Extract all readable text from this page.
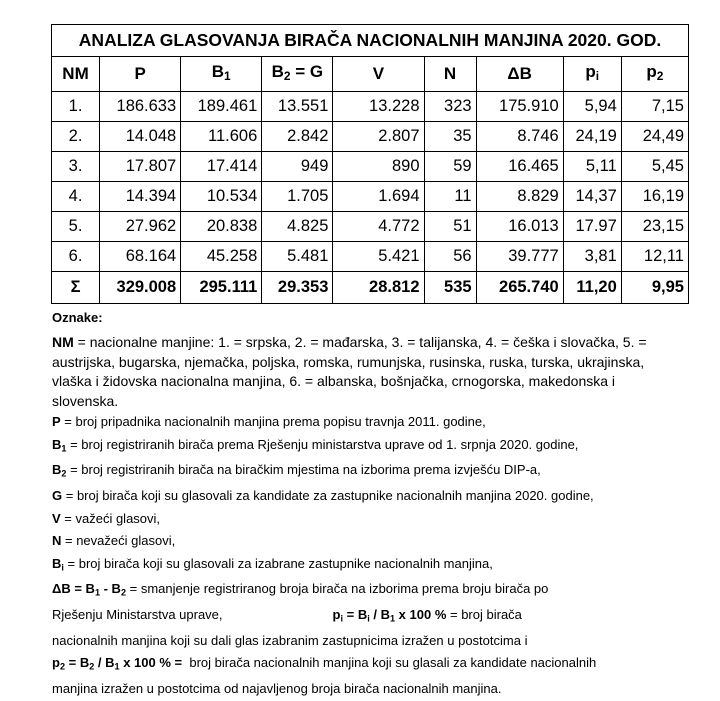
ANALIZA GLASOVANJA BIRAČA NACIONALNIH MANJINA 2020. GOD.								
NM	P	$B_1$	$B_2 = G$	V	N	ΔB	$p_i$	$p_2$
1.	186.633	189.461	13.551	13.228	323	175.910	5,94	7,15
2.	14.048	11.606	2.842	2.807	35	8.746	24,19	24,49
3.	17.807	17.414	949	890	59	16.465	5,11	5,45
4.	14.394	10.534	1.705	1.694	11	8.829	14,37	16,19
5.	27.962	20.838	4.825	4.772	51	16.013	17.97	23,15
6.	68.164	45.258	5.481	5.421	56	39.777	3,81	12,11
Σ	329.008	295.111	29.353	28.812	535	265.740	11,20	9,95

Oznake:

NM = nacionalne manjine: 1. = srpska, 2. = mađarska, 3. = talijanska, 4. = češka i slovačka, 5. = austrijska, bugarska, njemačka, poljska, romska, rumunjska, rusinska, ruska, turska, ukrajinska, vlaška i židovska nacionalna manjina, 6. = albanska, bošnjačka, crnogorska, makedonska i slovenska.

P = broj pripadnika nacionalnih manjina prema popisu travnja 2011. godine,

$B_1$ = broj registriranih birača prema Rješenju ministarstva uprave od 1. srpnja 2020. godine,

$B_2$ = broj registriranih birača na biračkim mjestima na izborima prema izvješću DIP-a,

G = broj birača koji su glasovali za kandidate za zastupnike nacionalnih manjina 2020. godine,

V = važeći glasovi,

N = nevažeći glasovi,

$B_i$ = broj birača koji su glasovali za izabrane zastupnike nacionalnih manjina,

$\Delta B = B_1 - B_2$ = smanjenje registriranog broja birača na izborima prema broju birača po

Rješenju Ministarstva uprave,	$p_i = B_i / B_1$ x 100 % = broj birača

nacionalnih manjina koji su dali glas izabranim zastupnicima izražen u postotcima i

$p_2 = B_2 / B_1$ x 100 % =  broj birača nacionalnih manjina koji su glasali za kandidate nacionalnih

manjina izražen u postotcima od najavljenog broja birača nacionalnih manjina.
